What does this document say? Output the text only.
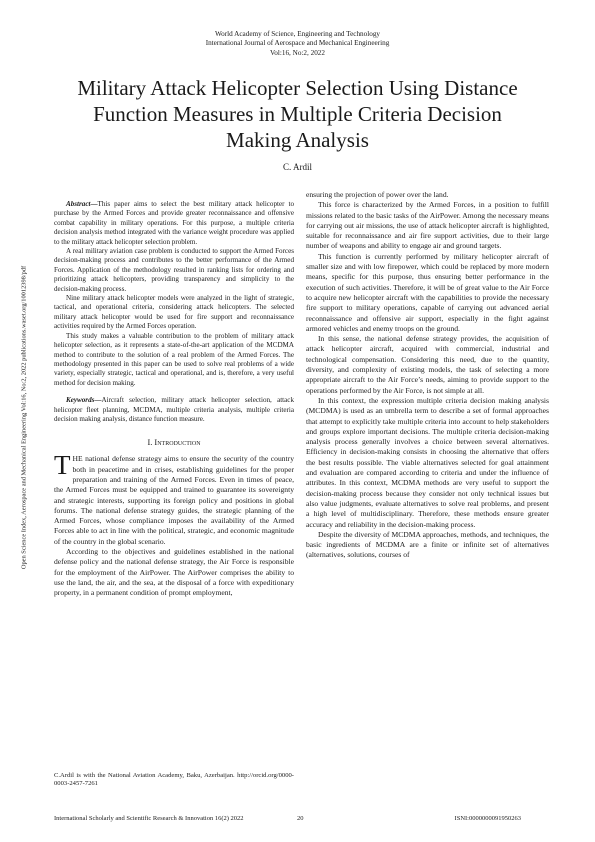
World Academy of Science, Engineering and Technology
International Journal of Aerospace and Mechanical Engineering
Vol:16, No:2, 2022
Military Attack Helicopter Selection Using Distance
Function Measures in Multiple Criteria Decision
Making Analysis
C. Ardil
Open Science Index, Aerospace and Mechanical Engineering Vol:16, No:2, 2022 publications.waset.org/10012398/pdf

Abstract—This paper aims to select the best military attack helicopter to purchase by the Armed Forces and provide greater reconnaissance and offensive combat capability in military operations. For this purpose, a multiple criteria decision analysis method integrated with the variance weight procedure was applied to the military attack helicopter selection problem.

A real military aviation case problem is conducted to support the Armed Forces decision-making process and contributes to the better performance of the Armed Forces. Application of the methodology resulted in ranking lists for ordering and prioritizing attack helicopters, providing transparency and simplicity to the decision-making process.

Nine military attack helicopter models were analyzed in the light of strategic, tactical, and operational criteria, considering attack helicopters. The selected military attack helicopter would be used for fire support and reconnaissance activities required by the Armed Forces operation.

This study makes a valuable contribution to the problem of military attack helicopter selection, as it represents a state-of-the-art application of the MCDMA method to contribute to the solution of a real problem of the Armed Forces. The methodology presented in this paper can be used to solve real problems of a wide variety, especially strategic, tactical and operational, and is, therefore, a very useful method for decision making.

Keywords—Aircraft selection, military attack helicopter selection, attack helicopter fleet planning, MCDMA, multiple criteria analysis, multiple criteria decision making analysis, distance function measure.

I. Introduction

THE national defense strategy aims to ensure the security of the country both in peacetime and in crises, establishing guidelines for the proper preparation and training of the Armed Forces. Even in times of peace, the Armed Forces must be equipped and trained to guarantee its sovereignty and strategic interests, supporting its foreign policy and positions in global forums. The national defense strategy guides, the strategic planning of the Armed Forces, whose compliance imposes the availability of the Armed Forces able to act in line with the political, strategic, and economic magnitude of the country in the global scenario.

According to the objectives and guidelines established in the national defense policy and the national defense strategy, the Air Force is responsible for the employment of the AirPower. The AirPower comprises the ability to use the land, the air, and the sea, at the disposal of a force with expeditionary property, in a permanent condition of prompt employment,

ensuring the projection of power over the land.

This force is characterized by the Armed Forces, in a position to fulfill missions related to the basic tasks of the AirPower. Among the necessary means for carrying out air missions, the use of attack helicopter aircraft is highlighted, suitable for reconnaissance and air fire support activities, due to their large number of weapons and ability to engage air and ground targets.

This function is currently performed by military helicopter aircraft of smaller size and with low firepower, which could be replaced by more modern means, specific for this purpose, thus ensuring better performance in the execution of such activities. Therefore, it will be of great value to the Air Force to acquire new helicopter aircraft with the capabilities to provide the necessary fire support to military operations, capable of carrying out advanced aerial reconnaissance and offensive air support, especially in the fight against armored vehicles and enemy troops on the ground.

In this sense, the national defense strategy provides, the acquisition of attack helicopter aircraft, acquired with commercial, industrial and technological compensation. Considering this need, due to the quantity, diversity, and complexity of existing models, the task of selecting a more appropriate aircraft to the Air Force’s needs, aiming to provide support to the operations performed by the Air Force, is not simple at all.

In this context, the expression multiple criteria decision making analysis (MCDMA) is used as an umbrella term to describe a set of formal approaches that attempt to explicitly take multiple criteria into account to help stakeholders and groups explore important decisions. The multiple criteria decision-making analysis process generally involves a choice between several alternatives. Efficiency in decision-making consists in choosing the alternative that offers the best results possible. The viable alternatives selected for goal attainment and evaluation are compared according to criteria and under the influence of attributes. In this context, MCDMA methods are very useful to support the decision-making process because they consider not only technical issues but also value judgments, evaluate alternatives to solve real problems, and present a high level of multidisciplinary. Therefore, these methods ensure greater accuracy and reliability in the decision-making process.

Despite the diversity of MCDMA approaches, methods, and techniques, the basic ingredients of MCDMA are a finite or infinite set of alternatives (alternatives, solutions, courses of

C.Ardil is with the National Aviation Academy, Baku, Azerbaijan. http://orcid.org/0000-0003-2457-7261

International Scholarly and Scientific Research & Innovation 16(2) 2022	20	ISNI:0000000091950263
